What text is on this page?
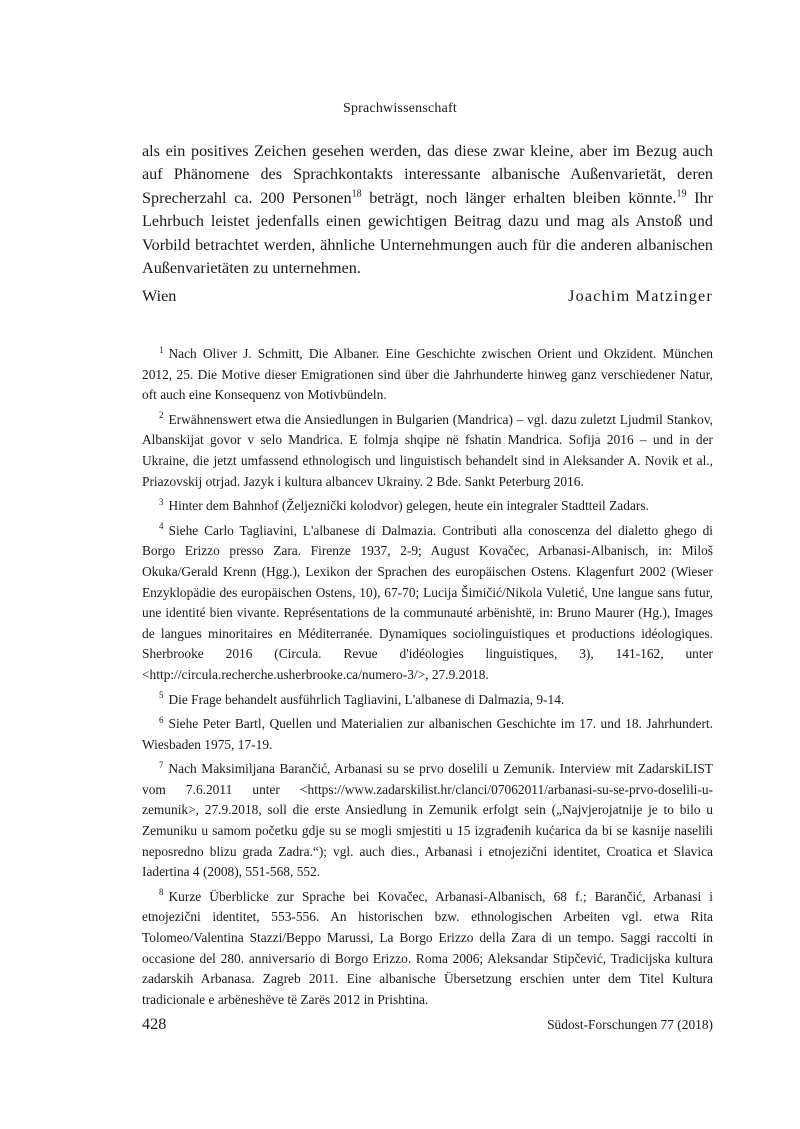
Sprachwissenschaft

als ein positives Zeichen gesehen werden, das diese zwar kleine, aber im Bezug auch auf Phänomene des Sprachkontakts interessante albanische Außenvarietät, deren Sprecherzahl ca. 200 Personen$^{18}$ beträgt, noch länger erhalten bleiben könnte.$^{19}$ Ihr Lehrbuch leistet jedenfalls einen gewichtigen Beitrag dazu und mag als Anstoß und Vorbild betrachtet werden, ähnliche Unternehmungen auch für die anderen albanischen Außenvarietäten zu unternehmen.

Wien	Joachim Matzinger

$^1$ Nach Oliver J. Schmitt, Die Albaner. Eine Geschichte zwischen Orient und Okzident. München 2012, 25. Die Motive dieser Emigrationen sind über die Jahrhunderte hinweg ganz verschiedener Natur, oft auch eine Konsequenz von Motivbündeln.

$^2$ Erwähnenswert etwa die Ansiedlungen in Bulgarien (Mandrica) – vgl. dazu zuletzt Ljudmil Stankov, Albanskijat govor v selo Mandrica. E folmja shqipe në fshatin Mandrica. Sofija 2016 – und in der Ukraine, die jetzt umfassend ethnologisch und linguistisch behandelt sind in Aleksander A. Novik et al., Priazovskij otrjad. Jazyk i kultura albancev Ukrainy. 2 Bde. Sankt Peterburg 2016.

$^3$ Hinter dem Bahnhof (Željeznički kolodvor) gelegen, heute ein integraler Stadtteil Zadars.

$^4$ Siehe Carlo Tagliavini, L'albanese di Dalmazia. Contributi alla conoscenza del dialetto ghego di Borgo Erizzo presso Zara. Firenze 1937, 2-9; August Kovačec, Arbanasi-Albanisch, in: Miloš Okuka/Gerald Krenn (Hgg.), Lexikon der Sprachen des europäischen Ostens. Klagenfurt 2002 (Wieser Enzyklopädie des europäischen Ostens, 10), 67-70; Lucija Šimičić/Nikola Vuletić, Une langue sans futur, une identité bien vivante. Représentations de la communauté arbënishtë, in: Bruno Maurer (Hg.), Images de langues minoritaires en Méditerranée. Dynamiques sociolinguistiques et productions idéologiques. Sherbrooke 2016 (Circula. Revue d'idéologies linguistiques, 3), 141-162, unter <http://circula.recherche.usherbrooke.ca/numero-3/>, 27.9.2018.

$^5$ Die Frage behandelt ausführlich Tagliavini, L'albanese di Dalmazia, 9-14.

$^6$ Siehe Peter Bartl, Quellen und Materialien zur albanischen Geschichte im 17. und 18. Jahrhundert. Wiesbaden 1975, 17-19.

$^7$ Nach Maksimiljana Barančić, Arbanasi su se prvo doselili u Zemunik. Interview mit ZadarskiLIST vom 7.6.2011 unter <https://www.zadarskilist.hr/clanci/07062011/arbanasi-su-se-prvo-doselili-u-zemunik>, 27.9.2018, soll die erste Ansiedlung in Zemunik erfolgt sein („Najvjerojatnije je to bilo u Zemuniku u samom početku gdje su se mogli smjestiti u 15 izgrađenih kućarica da bi se kasnije naselili neposredno blizu grada Zadra.“); vgl. auch dies., Arbanasi i etnojezični identitet, Croatica et Slavica Iadertina 4 (2008), 551-568, 552.

$^8$ Kurze Überblicke zur Sprache bei Kovačec, Arbanasi-Albanisch, 68 f.; Barančić, Arbanasi i etnojezični identitet, 553-556. An historischen bzw. ethnologischen Arbeiten vgl. etwa Rita Tolomeo/Valentina Stazzi/Beppo Marussi, La Borgo Erizzo della Zara di un tempo. Saggi raccolti in occasione del 280. anniversario di Borgo Erizzo. Roma 2006; Aleksandar Stipčević, Tradicijska kultura zadarskih Arbanasa. Zagreb 2011. Eine albanische Übersetzung erschien unter dem Titel Kultura tradicionale e arbëneshëve të Zarës 2012 in Prishtina.

428	Südost-Forschungen 77 (2018)
